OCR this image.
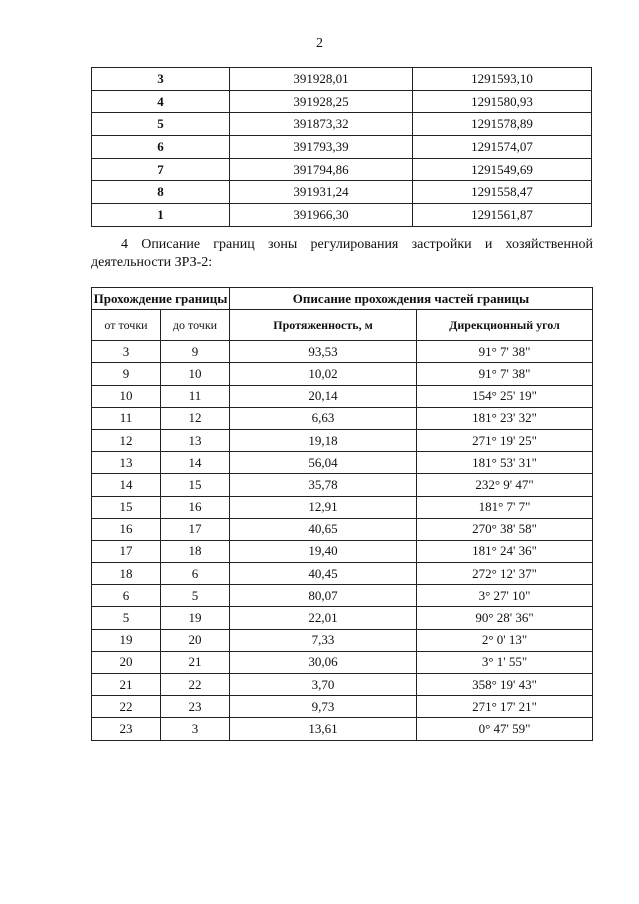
2
3	391928,01	1291593,10
4	391928,25	1291580,93
5	391873,32	1291578,89
6	391793,39	1291574,07
7	391794,86	1291549,69
8	391931,24	1291558,47
1	391966,30	1291561,87
4 Описание границ зоны регулирования застройки и хозяйственной
деятельности ЗРЗ-2:
Прохождение границы		Описание прохождения частей границы	
от точки	до точки	Протяженность, м	Дирекционный угол
3	9	93,53	91° 7' 38"
9	10	10,02	91° 7' 38"
10	11	20,14	154° 25' 19"
11	12	6,63	181° 23' 32"
12	13	19,18	271° 19' 25"
13	14	56,04	181° 53' 31"
14	15	35,78	232° 9' 47"
15	16	12,91	181° 7' 7"
16	17	40,65	270° 38' 58"
17	18	19,40	181° 24' 36"
18	6	40,45	272° 12' 37"
6	5	80,07	3° 27' 10"
5	19	22,01	90° 28' 36"
19	20	7,33	2° 0' 13"
20	21	30,06	3° 1' 55"
21	22	3,70	358° 19' 43"
22	23	9,73	271° 17' 21"
23	3	13,61	0° 47' 59"
